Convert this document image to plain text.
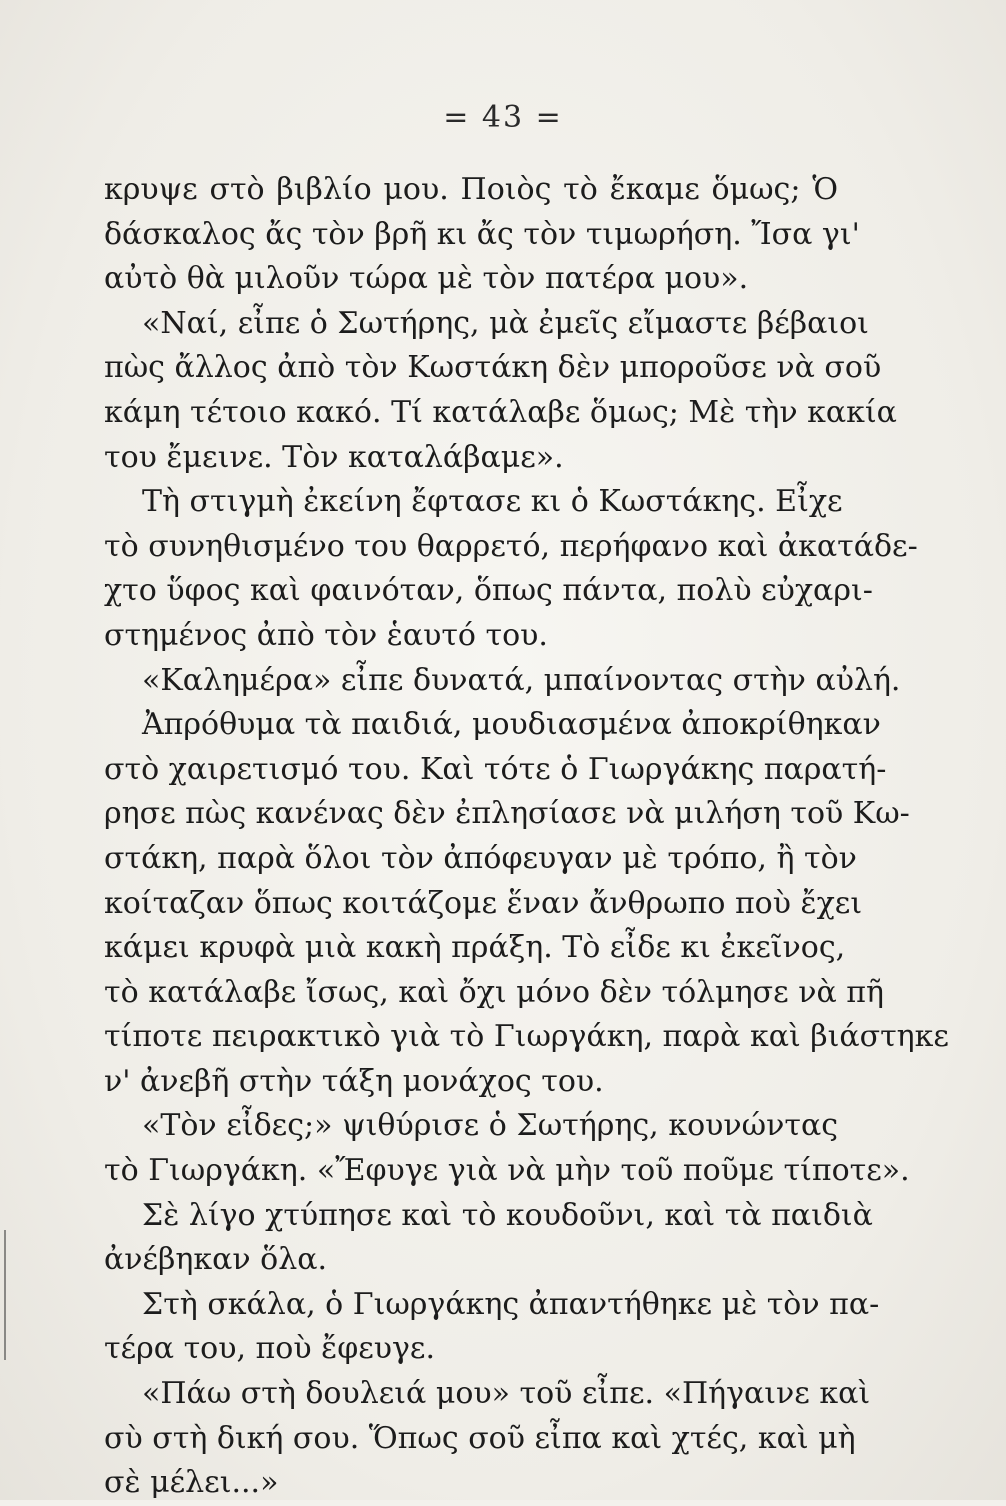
= 43 =
κρυψε στὸ βιβλίο μου. Ποιὸς τὸ ἔκαμε ὅμως; Ὁ
δάσκαλος ἄς τὸν βρῆ κι ἄς τὸν τιμωρήση. Ἴσα γι'
αὐτὸ θὰ μιλοῦν τώρα μὲ τὸν πατέρα μου».
«Ναί, εἶπε ὁ Σωτήρης, μὰ ἐμεῖς εἴμαστε βέβαιοι
πὼς ἄλλος ἀπὸ τὸν Κωστάκη δὲν μποροῦσε νὰ σοῦ
κάμη τέτοιο κακό. Τί κατάλαβε ὅμως; Μὲ τὴν κακία
του ἔμεινε. Τὸν καταλάβαμε».
Τὴ στιγμὴ ἐκείνη ἔφτασε κι ὁ Κωστάκης. Εἶχε
τὸ συνηθισμένο του θαρρετό, περήφανο καὶ ἀκατάδε-
χτο ὕφος καὶ φαινόταν, ὅπως πάντα, πολὺ εὐχαρι-
στημένος ἀπὸ τὸν ἑαυτό του.
«Καλημέρα» εἶπε δυνατά, μπαίνοντας στὴν αὐλή.
Ἀπρόθυμα τὰ παιδιά, μουδιασμένα ἀποκρίθηκαν
στὸ χαιρετισμό του. Καὶ τότε ὁ Γιωργάκης παρατή-
ρησε πὼς κανένας δὲν ἐπλησίασε νὰ μιλήση τοῦ Κω-
στάκη, παρὰ ὅλοι τὸν ἀπόφευγαν μὲ τρόπο, ἢ τὸν
κοίταζαν ὅπως κοιτάζομε ἕναν ἄνθρωπο ποὺ ἔχει
κάμει κρυφὰ μιὰ κακὴ πράξη. Τὸ εἶδε κι ἐκεῖνος,
τὸ κατάλαβε ἴσως, καὶ ὄχι μόνο δὲν τόλμησε νὰ πῆ
τίποτε πειρακτικὸ γιὰ τὸ Γιωργάκη, παρὰ καὶ βιάστηκε
ν' ἀνεβῆ στὴν τάξη μονάχος του.
«Τὸν εἶδες;» ψιθύρισε ὁ Σωτήρης, κουνώντας
τὸ Γιωργάκη. «Ἔφυγε γιὰ νὰ μὴν τοῦ ποῦμε τίποτε».
Σὲ λίγο χτύπησε καὶ τὸ κουδοῦνι, καὶ τὰ παιδιὰ
ἀνέβηκαν ὅλα.
Στὴ σκάλα, ὁ Γιωργάκης ἀπαντήθηκε μὲ τὸν πα-
τέρα του, ποὺ ἔφευγε.
«Πάω στὴ δουλειά μου» τοῦ εἶπε. «Πήγαινε καὶ
σὺ στὴ δική σου. Ὅπως σοῦ εἶπα καὶ χτές, καὶ μὴ
σὲ μέλει...»
